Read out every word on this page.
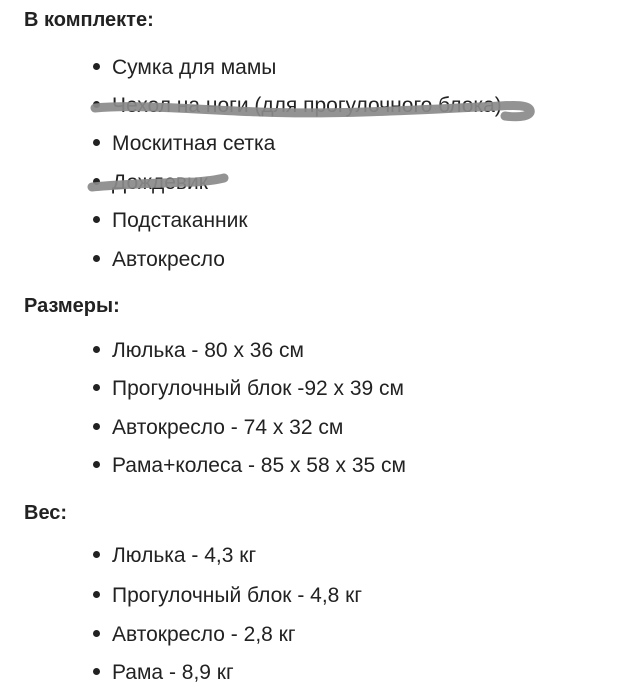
В комплекте:
Сумка для мамы
Чехол на ноги (для прогулочного блока)
Москитная сетка
Дождевик
Подстаканник
Автокресло
Размеры:
Люлька - 80 х 36 см
Прогулочный блок -92 х 39 см
Автокресло - 74 х 32 см
Рама+колеса - 85 х 58 х 35 см
Вес:
Люлька - 4,3 кг
Прогулочный блок - 4,8 кг
Автокресло - 2,8 кг
Рама - 8,9 кг
